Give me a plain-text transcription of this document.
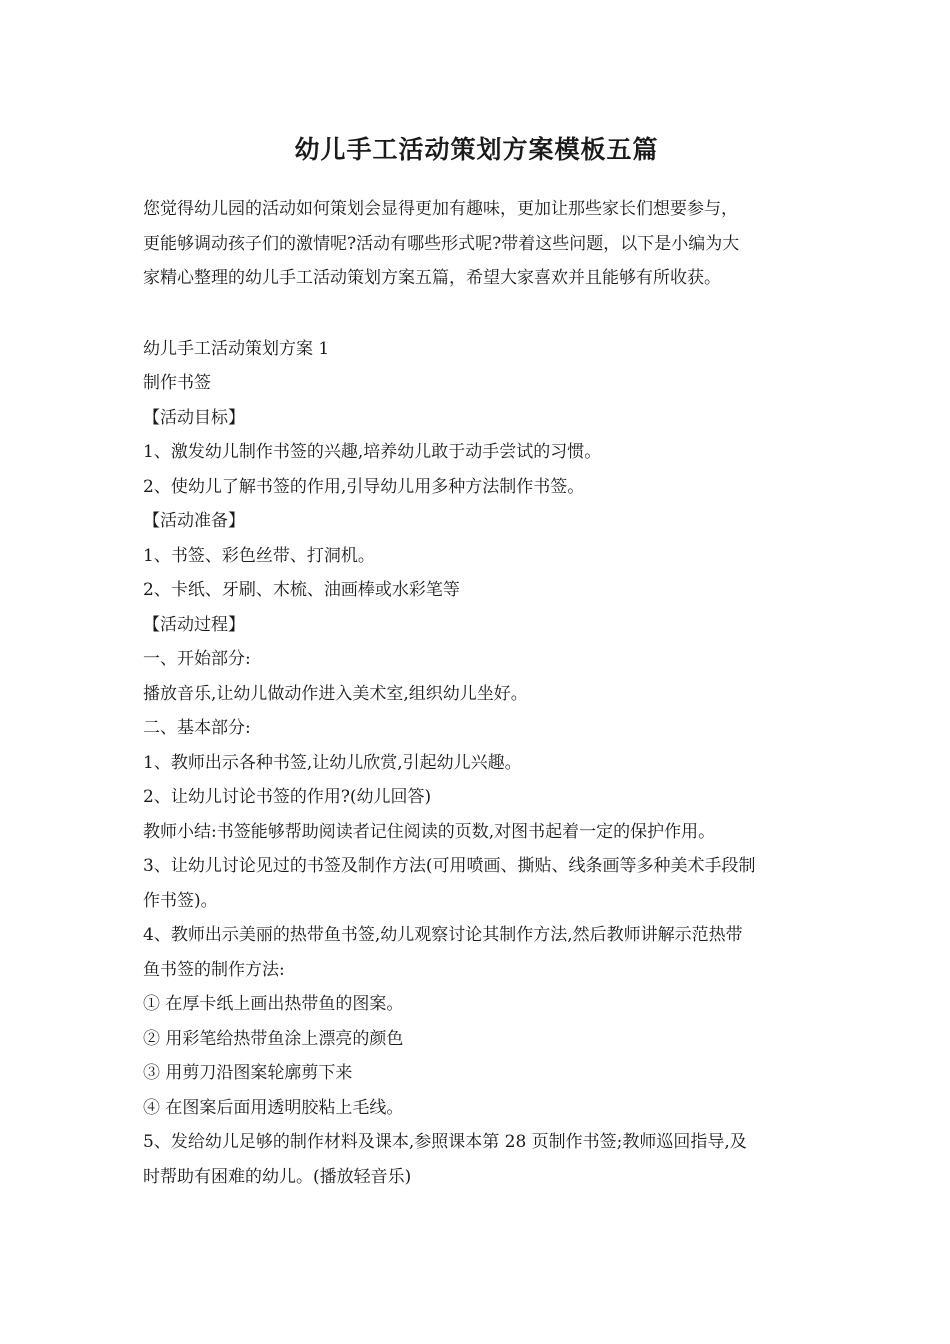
幼儿手工活动策划方案模板五篇

您觉得幼儿园的活动如何策划会显得更加有趣味，更加让那些家长们想要参与，

更能够调动孩子们的激情呢?活动有哪些形式呢?带着这些问题，以下是小编为大

家精心整理的幼儿手工活动策划方案五篇，希望大家喜欢并且能够有所收获。

幼儿手工活动策划方案 1

制作书签

【活动目标】

1、激发幼儿制作书签的兴趣,培养幼儿敢于动手尝试的习惯。

2、使幼儿了解书签的作用,引导幼儿用多种方法制作书签。

【活动准备】

1、书签、彩色丝带、打洞机。

2、卡纸、牙刷、木梳、油画棒或水彩笔等

【活动过程】

一、开始部分:

播放音乐,让幼儿做动作进入美术室,组织幼儿坐好。

二、基本部分:

1、教师出示各种书签,让幼儿欣赏,引起幼儿兴趣。

2、让幼儿讨论书签的作用?(幼儿回答)

教师小结:书签能够帮助阅读者记住阅读的页数,对图书起着一定的保护作用。

3、让幼儿讨论见过的书签及制作方法(可用喷画、撕贴、线条画等多种美术手段制

作书签)。

4、教师出示美丽的热带鱼书签,幼儿观察讨论其制作方法,然后教师讲解示范热带

鱼书签的制作方法:

① 在厚卡纸上画出热带鱼的图案。

② 用彩笔给热带鱼涂上漂亮的颜色

③ 用剪刀沿图案轮廓剪下来

④ 在图案后面用透明胶粘上毛线。

5、发给幼儿足够的制作材料及课本,参照课本第 28 页制作书签;教师巡回指导,及

时帮助有困难的幼儿。(播放轻音乐)
